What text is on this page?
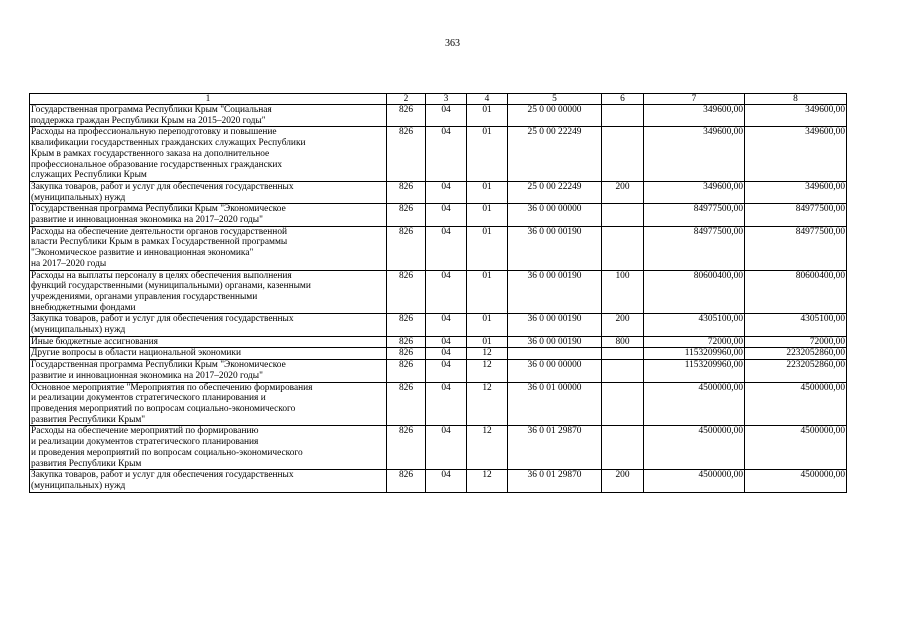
363
1	2	3	4	5	6	7	8

Государственная программа Республики Крым "Социальная
поддержка граждан Республики Крым на 2015–2020 годы"	826	04	01	25 0 00 00000		349600,00	349600,00

Расходы на профессиональную переподготовку и повышение
квалификации государственных гражданских служащих Республики
Крым в рамках государственного заказа на дополнительное
профессиональное образование государственных гражданских
служащих Республики Крым	826	04	01	25 0 00 22249		349600,00	349600,00

Закупка товаров, работ и услуг для обеспечения государственных
(муниципальных) нужд	826	04	01	25 0 00 22249	200	349600,00	349600,00

Государственная программа Республики Крым "Экономическое
развитие и инновационная экономика на 2017–2020 годы"	826	04	01	36 0 00 00000		84977500,00	84977500,00

Расходы на обеспечение деятельности органов государственной
власти Республики Крым в рамках Государственной программы
"Экономическое развитие и инновационная экономика"
на 2017–2020 годы	826	04	01	36 0 00 00190		84977500,00	84977500,00

Расходы на выплаты персоналу в целях обеспечения выполнения
функций государственными (муниципальными) органами, казенными
учреждениями, органами управления государственными
внебюджетными фондами	826	04	01	36 0 00 00190	100	80600400,00	80600400,00

Закупка товаров, работ и услуг для обеспечения государственных
(муниципальных) нужд	826	04	01	36 0 00 00190	200	4305100,00	4305100,00

Иные бюджетные ассигнования	826	04	01	36 0 00 00190	800	72000,00	72000,00

Другие вопросы в области национальной экономики	826	04	12			1153209960,00	2232052860,00

Государственная программа Республики Крым "Экономическое
развитие и инновационная экономика на 2017–2020 годы"	826	04	12	36 0 00 00000		1153209960,00	2232052860,00

Основное мероприятие "Мероприятия по обеспечению формирования
и реализации документов стратегического планирования и
проведения мероприятий по вопросам социально-экономического
развития Республики Крым"	826	04	12	36 0 01 00000		4500000,00	4500000,00

Расходы на обеспечение мероприятий по формированию
и реализации документов стратегического планирования
и проведения мероприятий по вопросам социально-экономического
развития Республики Крым	826	04	12	36 0 01 29870		4500000,00	4500000,00

Закупка товаров, работ и услуг для обеспечения государственных
(муниципальных) нужд	826	04	12	36 0 01 29870	200	4500000,00	4500000,00
